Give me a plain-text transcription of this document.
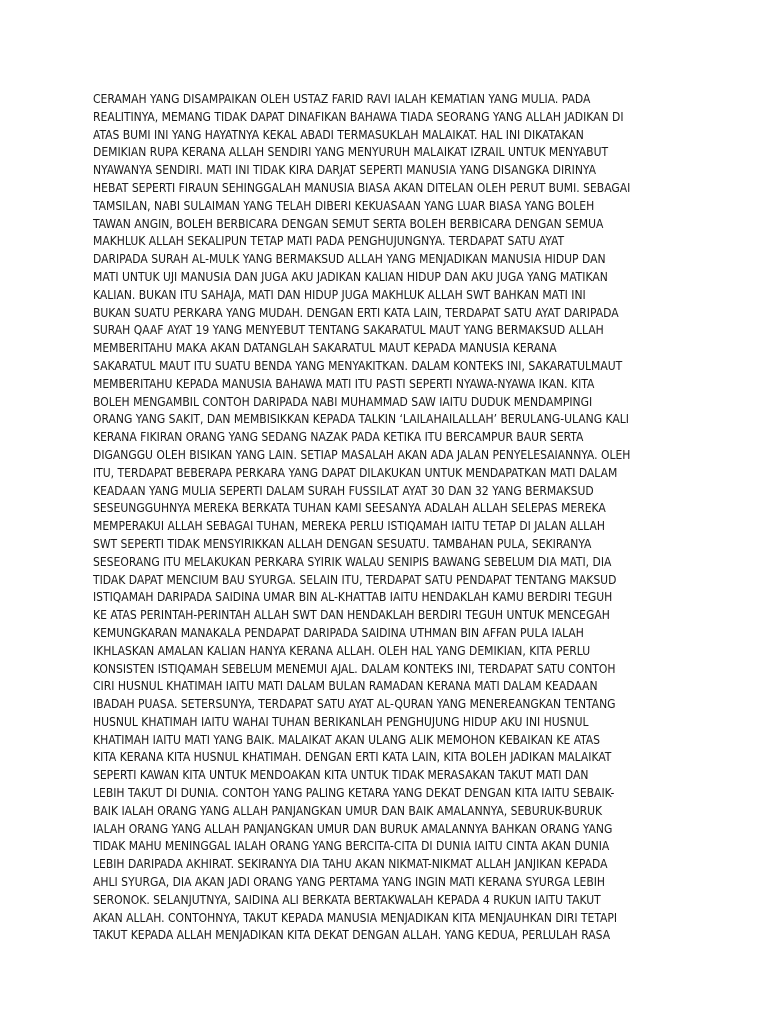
CERAMAH YANG DISAMPAIKAN OLEH USTAZ FARID RAVI IALAH KEMATIAN YANG MULIA. PADA
REALITINYA, MEMANG TIDAK DAPAT DINAFIKAN BAHAWA TIADA SEORANG YANG ALLAH JADIKAN DI
ATAS BUMI INI YANG HAYATNYA KEKAL ABADI TERMASUKLAH MALAIKAT. HAL INI DIKATAKAN
DEMIKIAN RUPA KERANA ALLAH SENDIRI YANG MENYURUH MALAIKAT IZRAIL UNTUK MENYABUT
NYAWANYA SENDIRI. MATI INI TIDAK KIRA DARJAT SEPERTI MANUSIA YANG DISANGKA DIRINYA
HEBAT SEPERTI FIRAUN SEHINGGALAH MANUSIA BIASA AKAN DITELAN OLEH PERUT BUMI. SEBAGAI
TAMSILAN, NABI SULAIMAN YANG TELAH DIBERI KEKUASAAN YANG LUAR BIASA YANG BOLEH
TAWAN ANGIN, BOLEH BERBICARA DENGAN SEMUT SERTA BOLEH BERBICARA DENGAN SEMUA
MAKHLUK ALLAH SEKALIPUN TETAP MATI PADA PENGHUJUNGNYA. TERDAPAT SATU AYAT
DARIPADA SURAH AL-MULK YANG BERMAKSUD ALLAH YANG MENJADIKAN MANUSIA HIDUP DAN
MATI UNTUK UJI MANUSIA DAN JUGA AKU JADIKAN KALIAN HIDUP DAN AKU JUGA YANG MATIKAN
KALIAN. BUKAN ITU SAHAJA, MATI DAN HIDUP JUGA MAKHLUK ALLAH SWT BAHKAN MATI INI
BUKAN SUATU PERKARA YANG MUDAH. DENGAN ERTI KATA LAIN, TERDAPAT SATU AYAT DARIPADA
SURAH QAAF AYAT 19 YANG MENYEBUT TENTANG SAKARATUL MAUT YANG BERMAKSUD ALLAH
MEMBERITAHU MAKA AKAN DATANGLAH SAKARATUL MAUT KEPADA MANUSIA KERANA
SAKARATUL MAUT ITU SUATU BENDA YANG MENYAKITKAN. DALAM KONTEKS INI, SAKARATULMAUT
MEMBERITAHU KEPADA MANUSIA BAHAWA MATI ITU PASTI SEPERTI NYAWA-NYAWA IKAN. KITA
BOLEH MENGAMBIL CONTOH DARIPADA NABI MUHAMMAD SAW IAITU DUDUK MENDAMPINGI
ORANG YANG SAKIT, DAN MEMBISIKKAN KEPADA TALKIN ‘LAILAHAILALLAH’ BERULANG-ULANG KALI
KERANA FIKIRAN ORANG YANG SEDANG NAZAK PADA KETIKA ITU BERCAMPUR BAUR SERTA
DIGANGGU OLEH BISIKAN YANG LAIN. SETIAP MASALAH AKAN ADA JALAN PENYELESAIANNYA. OLEH
ITU, TERDAPAT BEBERAPA PERKARA YANG DAPAT DILAKUKAN UNTUK MENDAPATKAN MATI DALAM
KEADAAN YANG MULIA SEPERTI DALAM SURAH FUSSILAT AYAT 30 DAN 32 YANG BERMAKSUD
SESEUNGGUHNYA MEREKA BERKATA TUHAN KAMI SEESANYA ADALAH ALLAH SELEPAS MEREKA
MEMPERAKUI ALLAH SEBAGAI TUHAN, MEREKA PERLU ISTIQAMAH IAITU TETAP DI JALAN ALLAH
SWT SEPERTI TIDAK MENSYIRIKKAN ALLAH DENGAN SESUATU. TAMBAHAN PULA, SEKIRANYA
SESEORANG ITU MELAKUKAN PERKARA SYIRIK WALAU SENIPIS BAWANG SEBELUM DIA MATI, DIA
TIDAK DAPAT MENCIUM BAU SYURGA. SELAIN ITU, TERDAPAT SATU PENDAPAT TENTANG MAKSUD
ISTIQAMAH DARIPADA SAIDINA UMAR BIN AL-KHATTAB IAITU HENDAKLAH KAMU BERDIRI TEGUH
KE ATAS PERINTAH-PERINTAH ALLAH SWT DAN HENDAKLAH BERDIRI TEGUH UNTUK MENCEGAH
KEMUNGKARAN MANAKALA PENDAPAT DARIPADA SAIDINA UTHMAN BIN AFFAN PULA IALAH
IKHLASKAN AMALAN KALIAN HANYA KERANA ALLAH. OLEH HAL YANG DEMIKIAN, KITA PERLU
KONSISTEN ISTIQAMAH SEBELUM MENEMUI AJAL. DALAM KONTEKS INI, TERDAPAT SATU CONTOH
CIRI HUSNUL KHATIMAH IAITU MATI DALAM BULAN RAMADAN KERANA MATI DALAM KEADAAN
IBADAH PUASA. SETERSUNYA, TERDAPAT SATU AYAT AL-QURAN YANG MENEREANGKAN TENTANG
HUSNUL KHATIMAH IAITU WAHAI TUHAN BERIKANLAH PENGHUJUNG HIDUP AKU INI HUSNUL
KHATIMAH IAITU MATI YANG BAIK. MALAIKAT AKAN ULANG ALIK MEMOHON KEBAIKAN KE ATAS
KITA KERANA KITA HUSNUL KHATIMAH. DENGAN ERTI KATA LAIN, KITA BOLEH JADIKAN MALAIKAT
SEPERTI KAWAN KITA UNTUK MENDOAKAN KITA UNTUK TIDAK MERASAKAN TAKUT MATI DAN
LEBIH TAKUT DI DUNIA. CONTOH YANG PALING KETARA YANG DEKAT DENGAN KITA IAITU SEBAIK-
BAIK IALAH ORANG YANG ALLAH PANJANGKAN UMUR DAN BAIK AMALANNYA, SEBURUK-BURUK
IALAH ORANG YANG ALLAH PANJANGKAN UMUR DAN BURUK AMALANNYA BAHKAN ORANG YANG
TIDAK MAHU MENINGGAL IALAH ORANG YANG BERCITA-CITA DI DUNIA IAITU CINTA AKAN DUNIA
LEBIH DARIPADA AKHIRAT. SEKIRANYA DIA TAHU AKAN NIKMAT-NIKMAT ALLAH JANJIKAN KEPADA
AHLI SYURGA, DIA AKAN JADI ORANG YANG PERTAMA YANG INGIN MATI KERANA SYURGA LEBIH
SERONOK. SELANJUTNYA, SAIDINA ALI BERKATA BERTAKWALAH KEPADA 4 RUKUN IAITU TAKUT
AKAN ALLAH. CONTOHNYA, TAKUT KEPADA MANUSIA MENJADIKAN KITA MENJAUHKAN DIRI TETAPI
TAKUT KEPADA ALLAH MENJADIKAN KITA DEKAT DENGAN ALLAH. YANG KEDUA, PERLULAH RASA
